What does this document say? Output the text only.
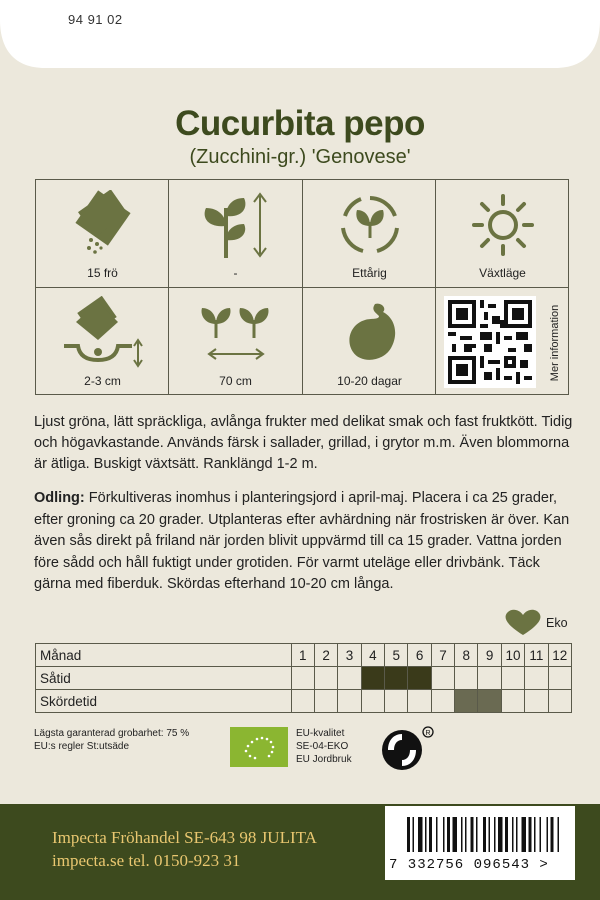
94 91 02
Cucurbita pepo
(Zucchini-gr.) 'Genovese'
15 frö	-	Ettårig	Växtläge
2-3 cm	70 cm	10-20 dagar	Mer information
Ljust gröna, lätt spräckliga, avlånga frukter med delikat smak och fast fruktkött. Tidig och högavkastande. Används färsk i sallader, grillad, i grytor m.m. Även blommorna är ätliga. Buskigt växtsätt. Ranklängd 1-2 m.
Odling: Förkultiveras inomhus i planteringsjord i april-maj. Placera i ca 25 grader, efter groning ca 20 grader. Utplanteras efter avhärdning när frostrisken är över. Kan även sås direkt på friland när jorden blivit uppvärmd till ca 15 grader. Vattna jorden före sådd och håll fuktigt under grotiden. För varmt uteläge eller drivbänk. Täck gärna med fiberduk. Skördas efterhand 10-20 cm långa.
Eko
Månad	1	2	3	4	5	6	7	8	9	10	11	12
Såtid												
Skördetid												
Lägsta garanterad grobarhet: 75 %
EU:s regler St:utsäde
EU-kvalitet
SE-04-EKO
EU Jordbruk
R
Impecta Fröhandel SE-643 98 JULITA
impecta.se tel. 0150-923 31	7 332756 096543 >
